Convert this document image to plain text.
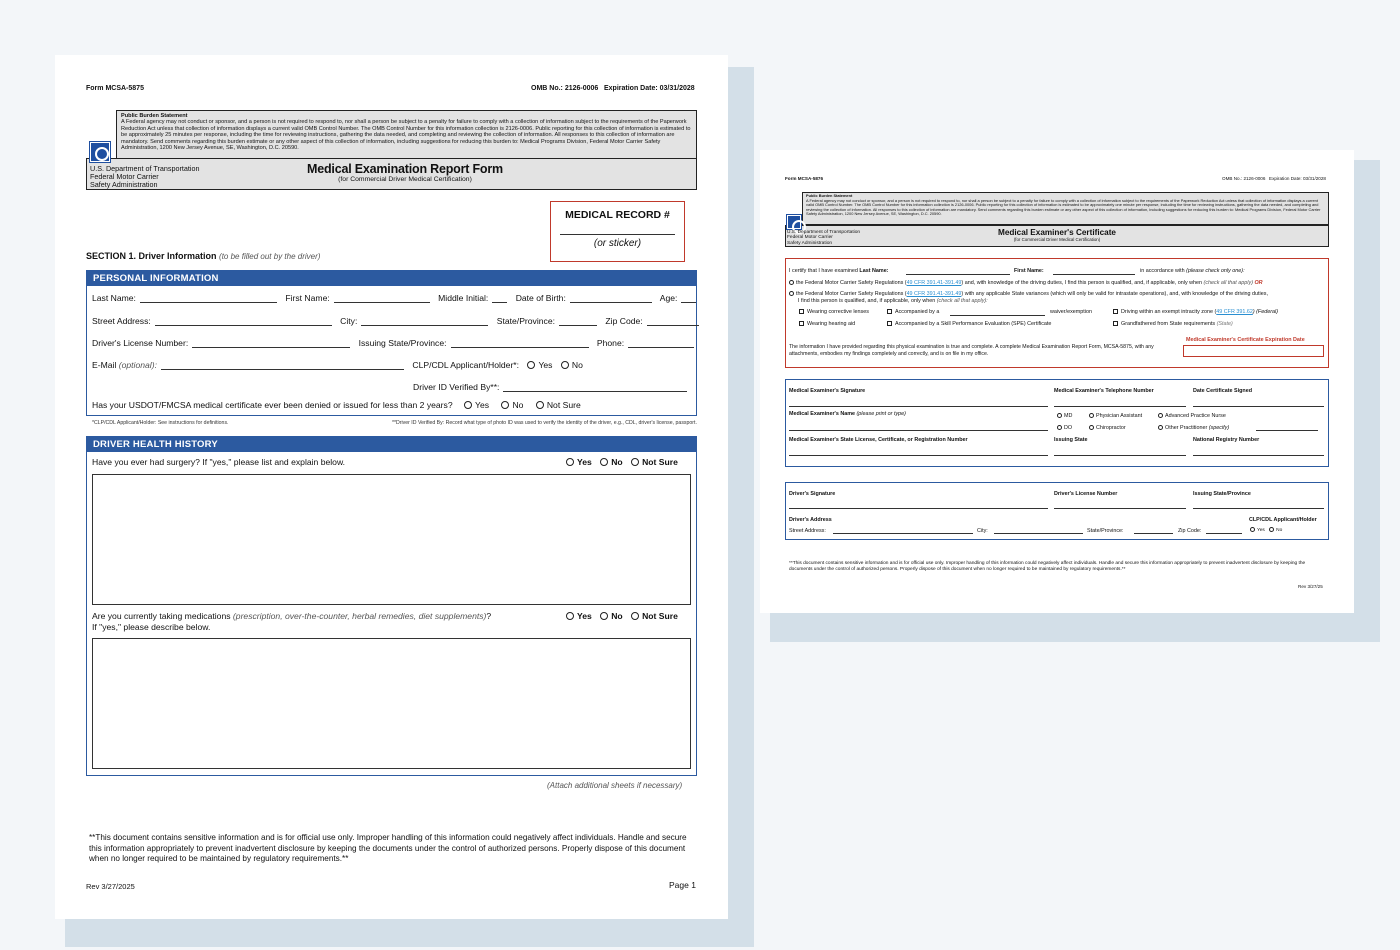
Form MCSA-5875	OMB No.: 2126-0006 Expiration Date: 03/31/2028
Public Burden Statement
A Federal agency may not conduct or sponsor, and a person is not required to respond to, nor shall a person be subject to a penalty for failure to comply with a collection of information subject to the requirements of the Paperwork Reduction Act unless that collection of information displays a current valid OMB Control Number. The OMB Control Number for this information collection is 2126-0006. Public reporting for this collection of information is estimated to be approximately 25 minutes per response, including the time for reviewing instructions, gathering the data needed, and completing and reviewing the collection of information. All responses to this collection of information are mandatory. Send comments regarding this burden estimate or any other aspect of this collection of information, including suggestions for reducing this burden to: Medical Programs Division, Federal Motor Carrier Safety Administration, 1200 New Jersey Avenue, SE, Washington, D.C. 20590.
U.S. Department of Transportation
Federal Motor Carrier
Safety Administration
Medical Examination Report Form
(for Commercial Driver Medical Certification)
MEDICAL RECORD #
(or sticker)
SECTION 1. Driver Information (to be filled out by the driver)
PERSONAL INFORMATION
Last Name:	First Name:	Middle Initial:	Date of Birth:	Age:
Street Address:	City:	State/Province:	Zip Code:
Driver's License Number:	Issuing State/Province:	Phone:
E-Mail (optional):	CLP/CDL Applicant/Holder*: Yes No
Driver ID Verified By**:
Has your USDOT/FMCSA medical certificate ever been denied or issued for less than 2 years?	Yes	No	Not Sure
*CLP/CDL Applicant/Holder: See instructions for definitions.	**Driver ID Verified By: Record what type of photo ID was used to verify the identity of the driver, e.g., CDL, driver's license, passport.
DRIVER HEALTH HISTORY
Have you ever had surgery? If "yes," please list and explain below.	Yes No Not Sure
Are you currently taking medications (prescription, over-the-counter, herbal remedies, diet supplements)?
If "yes," please describe below.
Yes No Not Sure
(Attach additional sheets if necessary)
**This document contains sensitive information and is for official use only. Improper handling of this information could negatively affect individuals. Handle and secure this information appropriately to prevent inadvertent disclosure by keeping the documents under the control of authorized persons. Properly dispose of this document when no longer required to be maintained by regulatory requirements.**
Rev 3/27/2025	Page 1
Form MCSA-5876	OMB No.: 2126-0006 Expiration Date: 03/31/2028
Public Burden Statement
A Federal agency may not conduct or sponsor, and a person is not required to respond to, nor shall a person be subject to a penalty for failure to comply with a collection of information subject to the requirements of the Paperwork Reduction Act unless that collection of information displays a current valid OMB Control Number. The OMB Control Number for this information collection is 2126-0006. Public reporting for this collection of information is estimated to be approximately one minute per response, including the time for reviewing instructions, gathering the data needed, and completing and reviewing the collection of information. All responses to this collection of information are mandatory. Send comments regarding this burden estimate or any other aspect of this collection of information, including suggestions for reducing this burden to: Medical Programs Division, Federal Motor Carrier Safety Administration, 1200 New Jersey Avenue, SE, Washington, D.C. 20590.
U.S. Department of Transportation
Federal Motor Carrier
Safety Administration
Medical Examiner's Certificate
(for Commercial Driver Medical Certification)
I certify that I have examined Last Name:	First Name:	in accordance with (please check only one):
the Federal Motor Carrier Safety Regulations (49 CFR 391.41-391.49) and, with knowledge of the driving duties, I find this person is qualified, and, if applicable, only when (check all that apply) OR
the Federal Motor Carrier Safety Regulations (49 CFR 391.41-391.49) with any applicable State variances (which will only be valid for intrastate operations), and, with knowledge of the driving duties,
I find this person is qualified, and, if applicable, only when (check all that apply):
Wearing corrective lenses	Accompanied by a	waiver/exemption	Driving within an exempt intracity zone (49 CFR 391.62) (Federal)
Wearing hearing aid	Accompanied by a Skill Performance Evaluation (SPE) Certificate	Grandfathered from State requirements (State)
The information I have provided regarding this physical examination is true and complete. A complete Medical Examination Report Form, MCSA-5875, with any attachments, embodies my findings completely and correctly, and is on file in my office.
Medical Examiner's Certificate Expiration Date
Medical Examiner's Signature	Medical Examiner's Telephone Number	Date Certificate Signed
Medical Examiner's Name (please print or type)	MD	Physician Assistant	Advanced Practice Nurse
DO	Chiropractor	Other Practitioner (specify)
Medical Examiner's State License, Certificate, or Registration Number	Issuing State	National Registry Number
Driver's Signature	Driver's License Number	Issuing State/Province
Driver's Address	CLP/CDL Applicant/Holder
Street Address:	City:	State/Province:	Zip Code:	Yes No
**This document contains sensitive information and is for official use only. Improper handling of this information could negatively affect individuals. Handle and secure this information appropriately to prevent inadvertent disclosure by keeping the documents under the control of authorized persons. Properly dispose of this document when no longer required to be maintained by regulatory requirements.**
Rev 3/27/25
